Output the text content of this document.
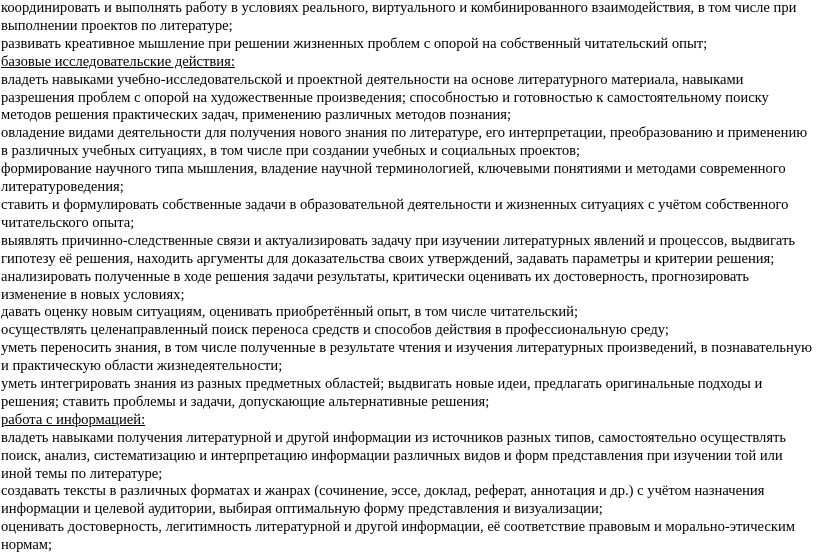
координировать и выполнять работу в условиях реального, виртуального и комбинированного взаимодействия, в том числе при выполнении проектов по литературе;

развивать креативное мышление при решении жизненных проблем с опорой на собственный читательский опыт;

базовые исследовательские действия:

владеть навыками учебно-исследовательской и проектной деятельности на основе литературного материала, навыками разрешения проблем с опорой на художественные произведения; способностью и готовностью к самостоятельному поиску методов решения практических задач, применению различных методов познания;

овладение видами деятельности для получения нового знания по литературе, его интерпретации, преобразованию и применению в различных учебных ситуациях, в том числе при создании учебных и социальных проектов;

формирование научного типа мышления, владение научной терминологией, ключевыми понятиями и методами современного литературоведения;

ставить и формулировать собственные задачи в образовательной деятельности и жизненных ситуациях с учётом собственного читательского опыта;

выявлять причинно-следственные связи и актуализировать задачу при изучении литературных явлений и процессов, выдвигать гипотезу её решения, находить аргументы для доказательства своих утверждений, задавать параметры и критерии решения;

анализировать полученные в ходе решения задачи результаты, критически оценивать их достоверность, прогнозировать изменение в новых условиях;

давать оценку новым ситуациям, оценивать приобретённый опыт, в том числе читательский;

осуществлять целенаправленный поиск переноса средств и способов действия в профессиональную среду;

уметь переносить знания, в том числе полученные в результате чтения и изучения литературных произведений, в познавательную и практическую области жизнедеятельности;

уметь интегрировать знания из разных предметных областей; выдвигать новые идеи, предлагать оригинальные подходы и решения; ставить проблемы и задачи, допускающие альтернативные решения;

работа с информацией:

владеть навыками получения литературной и другой информации из источников разных типов, самостоятельно осуществлять поиск, анализ, систематизацию и интерпретацию информации различных видов и форм представления при изучении той или иной темы по литературе;

создавать тексты в различных форматах и жанрах (сочинение, эссе, доклад, реферат, аннотация и др.) с учётом назначения информации и целевой аудитории, выбирая оптимальную форму представления и визуализации;

оценивать достоверность, легитимность литературной и другой информации, её соответствие правовым и морально-этическим нормам;
